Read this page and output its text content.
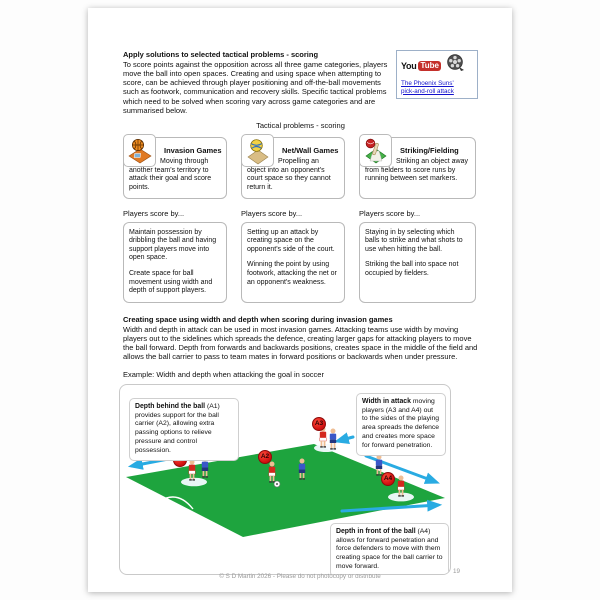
You Tube
The Phoenix Suns'
pick-and-roll attack
Apply solutions to selected tactical problems - scoring
To score points against the opposition across all three game categories, players move the ball into open spaces. Creating and using space when attempting to score, can be achieved through player positioning and off-the-ball movements such as footwork, communication and recovery skills. Specific tactical problems which need to be solved when scoring vary across game categories and are summarised below.
Tactical problems - scoring
Invasion Games
Moving through another team's territory to attack their goal and score points.
Net/Wall Games
Propelling an object into an opponent's court space so they cannot return it.
Striking/Fielding
Striking an object away from fielders to score runs by running between set markers.
Players score by...	Players score by...	Players score by...

Maintain possession by dribbling the ball and having support players move into open space.

Create space for ball movement using width and depth of support players.

Setting up an attack by creating space on the opponent's side of the court.

Winning the point by using footwork, attacking the net or an opponent's weakness.

Staying in by selecting which balls to strike and what shots to use when hitting the ball.

Striking the ball into space not occupied by fielders.

Creating space using width and depth when scoring during invasion games
Width and depth in attack can be used in most invasion games. Attacking teams use width by moving players out to the sidelines which spreads the defence, creating larger gaps for attacking players to move the ball forward. Depth from forwards and backwards positions, creates space in the middle of the field and allows the ball carrier to pass to team mates in forward positions or backwards when under pressure.
Example: Width and depth when attacking the goal in soccer
A2
A3
A4
Depth behind the ball (A1) provides support for the ball carrier (A2), allowing extra passing options to relieve pressure and control possession.
Width in attack moving players (A3 and A4) out to the sides of the playing area spreads the defence and creates more space for forward penetration.
Depth in front of the ball (A4) allows for forward penetration and force defenders to move with them creating space for the ball carrier to move forward.
© S D Martin 2026 - Please do not photocopy or distribute
19
